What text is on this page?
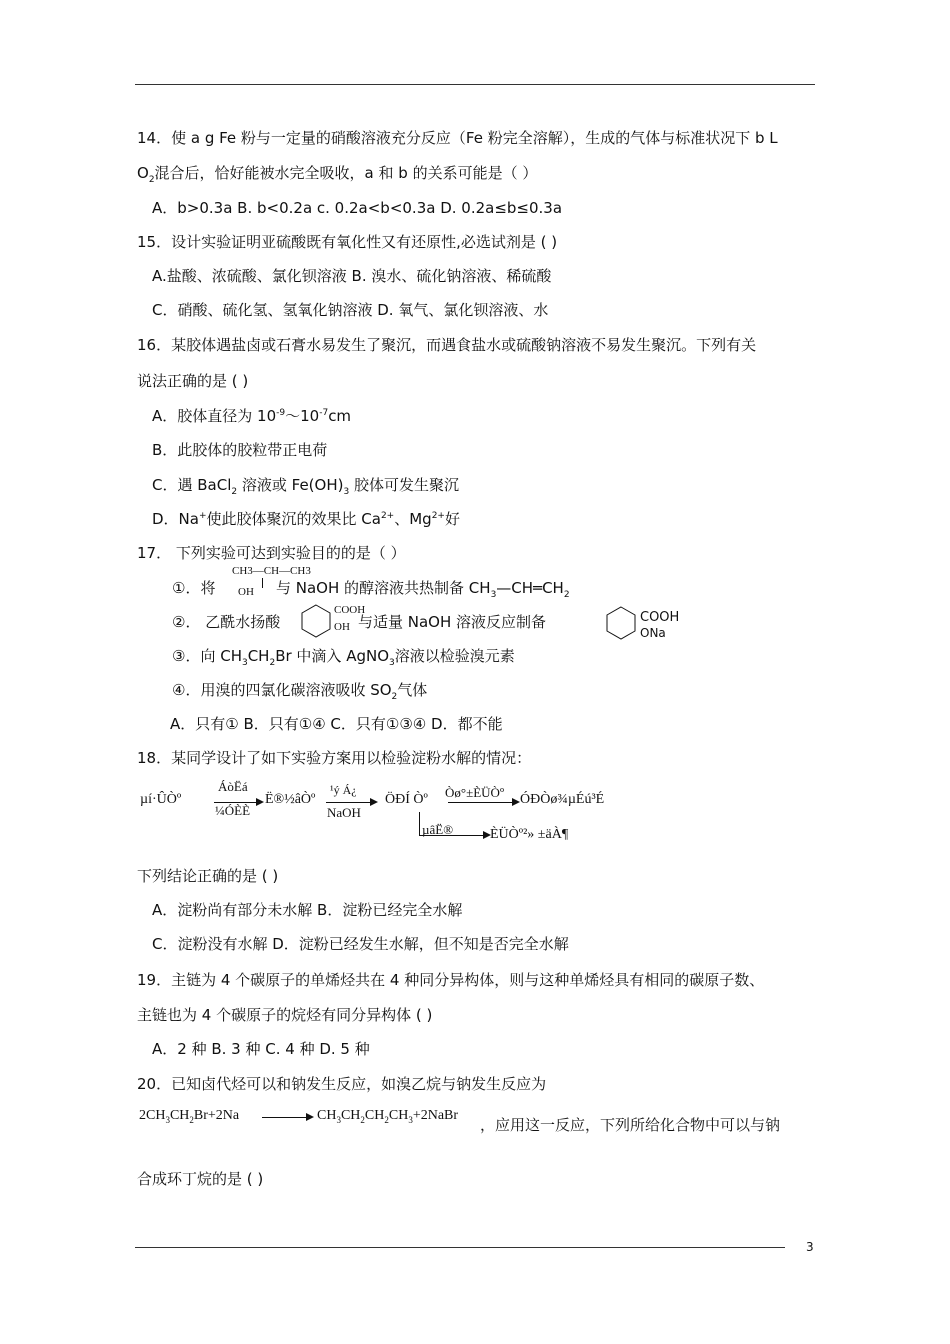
14．使 a g Fe 粉与一定量的硝酸溶液充分反应（Fe 粉完全溶解），生成的气体与标准状况下 b L
$O_2$混合后，恰好能被水完全吸收，a 和 b 的关系可能是（ ）
A．b>0.3a B. b<0.2a c. 0.2a<b<0.3a D. 0.2a≤b≤0.3a
15．设计实验证明亚硫酸既有氧化性又有还原性,必选试剂是 ( )
A.盐酸、浓硫酸、氯化钡溶液 B. 溴水、硫化钠溶液、稀硫酸
C．硝酸、硫化氢、氢氧化钠溶液 D. 氧气、氯化钡溶液、水
16．某胶体遇盐卤或石膏水易发生了聚沉，而遇食盐水或硫酸钠溶液不易发生聚沉。下列有关
说法正确的是 ( )
A．胶体直径为 $10^{-9}\sim 10^{-7}cm$
B．此胶体的胶粒带正电荷
C．遇 BaCl$_2$ 溶液或 $Fe(OH)_3$ 胶体可发生聚沉
D．Na+使此胶体聚沉的效果比 $Ca^{2+}$、$Mg^{2+}$好
17． 下列实验可达到实验目的的是（ ）
①．将
CH3—CH—CH3
OH 与 NaOH 的醇溶液共热制备 $CH_3—CH═CH_2$
②． 乙酰水扬酸
COOH
OH 与适量 NaOH 溶液反应制备	COOH
ONa
③．向 $CH_3CH_2Br$ 中滴入 AgNO$_3$溶液以检验溴元素
④．用溴的四氯化碳溶液吸收 $SO_2$气体
A．只有① B．只有①④ C．只有①③④ D．都不能
18．某同学设计了如下实验方案用以检验淀粉水解的情况：
µí·ÛÒº
ÁòËá
¼ÓÈÈ
Ë®½âÒº
¹ý Á¿
NaOH
ÖÐÍ Òº Òø°±ÈÜÒº ÓÐÒø¾µÉú³É
µâË®	ÈÜÒº²» ±äÀ¶
下列结论正确的是 ( )
A．淀粉尚有部分未水解 B．淀粉已经完全水解
C．淀粉没有水解 D．淀粉已经发生水解，但不知是否完全水解
19．主链为 4 个碳原子的单烯烃共在 4 种同分异构体，则与这种单烯烃具有相同的碳原子数、
主链也为 4 个碳原子的烷烃有同分异构体 ( )
A．2 种 B. 3 种 C. 4 种 D. 5 种
20．已知卤代烃可以和钠发生反应，如溴乙烷与钠发生反应为
$2CH_3CH_2Br+2Na$	$CH_3CH_2CH_2CH_3+2NaBr$
，应用这一反应，下列所给化合物中可以与钠
合成环丁烷的是 ( )
3
